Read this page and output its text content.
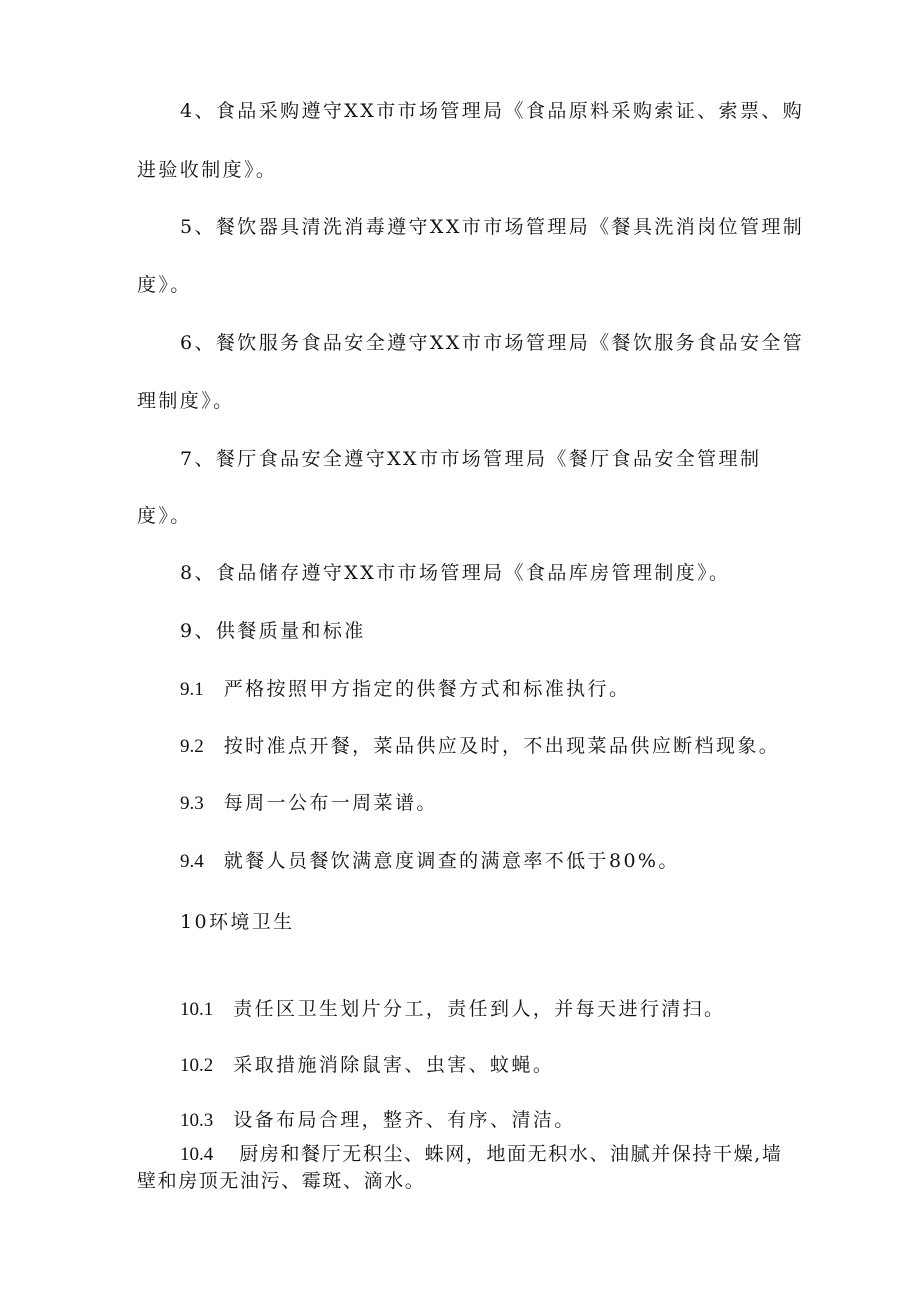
4、食品采购遵守XX市市场管理局《食品原料采购索证、索票、购
进验收制度》。
5、餐饮器具清洗消毒遵守XX市市场管理局《餐具洗消岗位管理制
度》。
6、餐饮服务食品安全遵守XX市市场管理局《餐饮服务食品安全管
理制度》。
7、餐厅食品安全遵守XX市市场管理局《餐厅食品安全管理制
度》。
8、食品储存遵守XX市市场管理局《食品库房管理制度》。
9、供餐质量和标准
9.1 严格按照甲方指定的供餐方式和标准执行。
9.2 按时准点开餐，菜品供应及时，不出现菜品供应断档现象。
9.3 每周一公布一周菜谱。
9.4 就餐人员餐饮满意度调查的满意率不低于80%。
10环境卫生
10.1 责任区卫生划片分工，责任到人，并每天进行清扫。
10.2 采取措施消除鼠害、虫害、蚊蝇。
10.3 设备布局合理，整齐、有序、清洁。
10.4 厨房和餐厅无积尘、蛛网，地面无积水、油腻并保持干燥,墙
壁和房顶无油污、霉斑、滴水。
